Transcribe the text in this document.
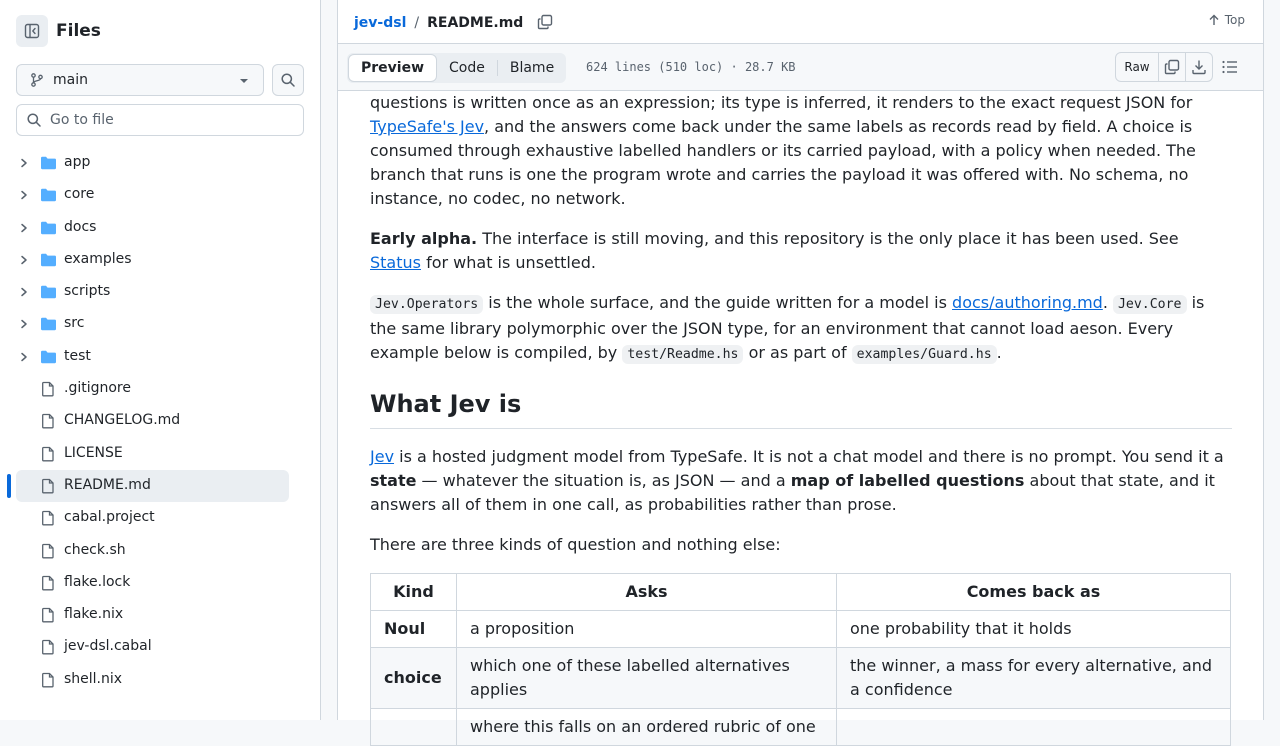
Files
main
Go to file
app
core
docs
examples
scripts
src
test
.gitignore
CHANGELOG.md
LICENSE
README.md
cabal.project
check.sh
flake.lock
flake.nix
jev-dsl.cabal
shell.nix
jev-dsl / README.md	Top
Preview	Code	Blame	624 lines (510 loc) · 28.7 KB	Raw

questions is written once as an expression; its type is inferred, it renders to the exact request JSON for TypeSafe's Jev, and the answers come back under the same labels as records read by field. A choice is consumed through exhaustive labelled handlers or its carried payload, with a policy when needed. The branch that runs is one the program wrote and carries the payload it was offered with. No schema, no instance, no codec, no network.

Early alpha. The interface is still moving, and this repository is the only place it has been used. See Status for what is unsettled.

Jev.Operators is the whole surface, and the guide written for a model is docs/authoring.md. Jev.Core is the same library polymorphic over the JSON type, for an environment that cannot load aeson. Every example below is compiled, by test/Readme.hs or as part of examples/Guard.hs .

What Jev is

Jev is a hosted judgment model from TypeSafe. It is not a chat model and there is no prompt. You send it a state — whatever the situation is, as JSON — and a map of labelled questions about that state, and it answers all of them in one call, as probabilities rather than prose.

There are three kinds of question and nothing else:

Kind	Asks	Comes back as
Noul	a proposition	one probability that it holds
choice	which one of these labelled alternatives applies	the winner, a mass for every alternative, and a confidence
	where this falls on an ordered rubric of one	
